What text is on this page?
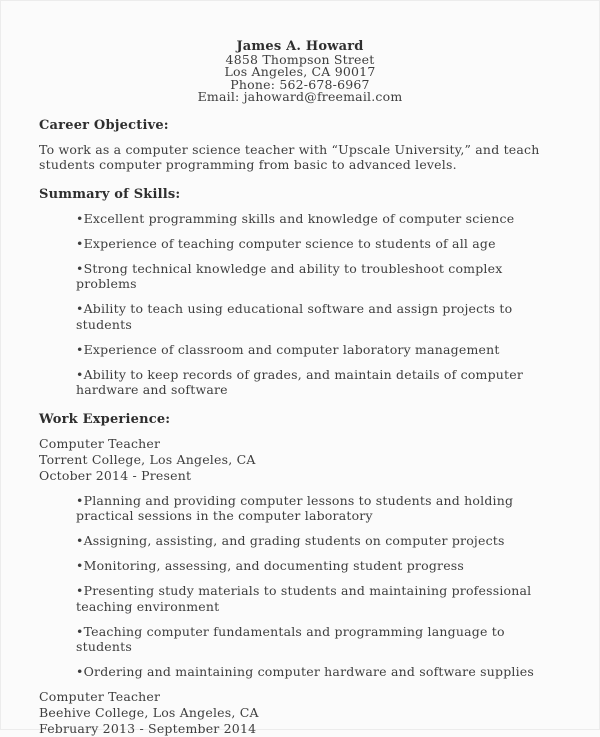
James A. Howard
4858 Thompson Street
Los Angeles, CA 90017
Phone: 562-678-6967
Email: jahoward@freemail.com
Career Objective:

To work as a computer science teacher with “Upscale University,” and teach students computer programming from basic to advanced levels.

Summary of Skills:

•Excellent programming skills and knowledge of computer science

•Experience of teaching computer science to students of all age

•Strong technical knowledge and ability to troubleshoot complex problems

•Ability to teach using educational software and assign projects to students

•Experience of classroom and computer laboratory management

•Ability to keep records of grades, and maintain details of computer hardware and software

Work Experience:
Computer Teacher
Torrent College, Los Angeles, CA
October 2014 - Present

•Planning and providing computer lessons to students and holding practical sessions in the computer laboratory

•Assigning, assisting, and grading students on computer projects

•Monitoring, assessing, and documenting student progress

•Presenting study materials to students and maintaining professional teaching environment

•Teaching computer fundamentals and programming language to students

•Ordering and maintaining computer hardware and software supplies

Computer Teacher
Beehive College, Los Angeles, CA
February 2013 - September 2014
